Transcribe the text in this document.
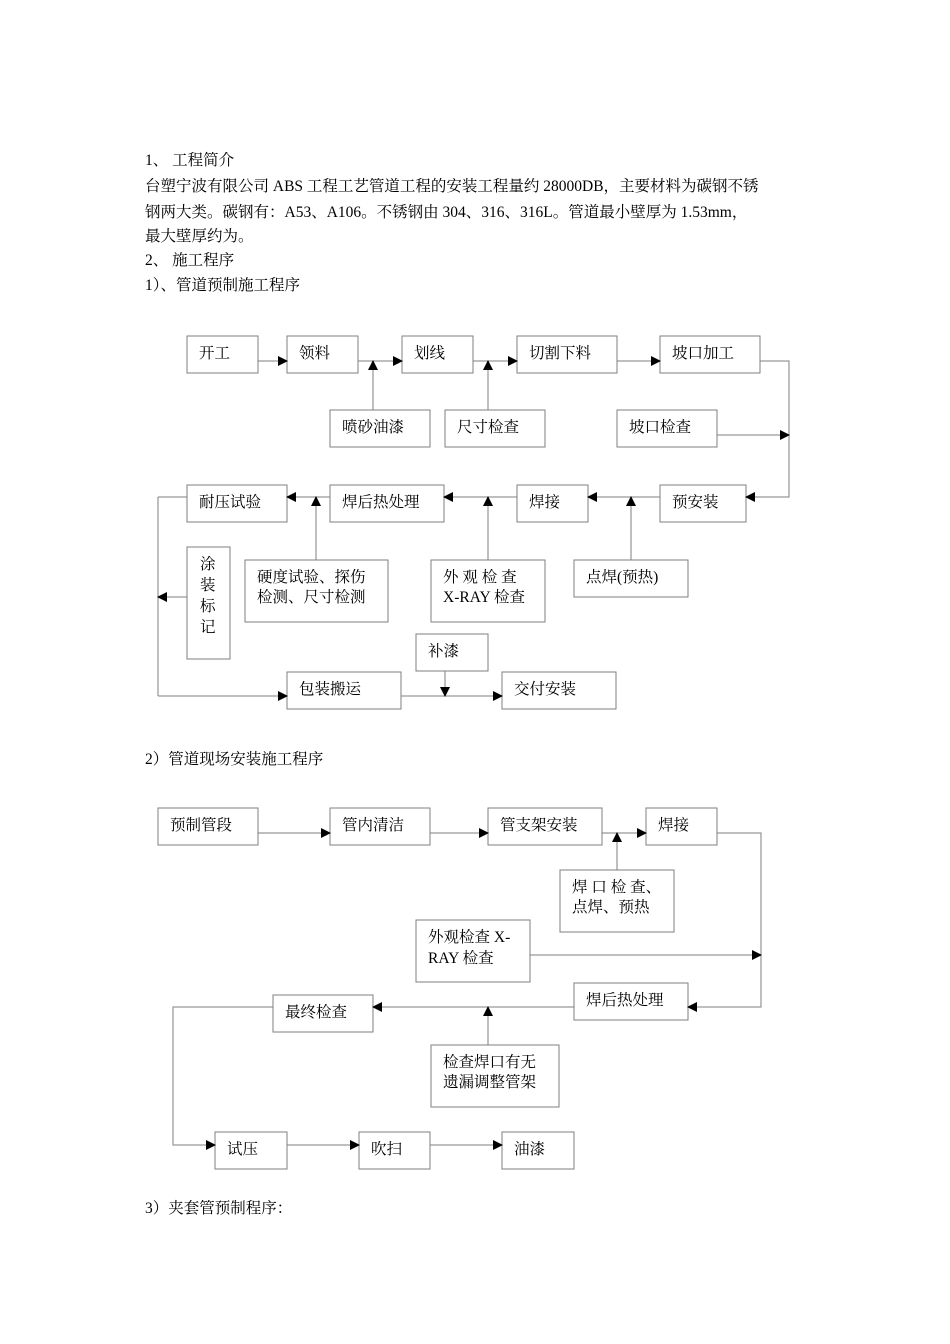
1、 工程简介
台塑宁波有限公司 ABS 工程工艺管道工程的安装工程量约 28000DB，主要材料为碳钢不锈
钢两大类。碳钢有：A53、A106。不锈钢由 304、316、316L。管道最小壁厚为 1.53mm，
最大壁厚约为。
2、 施工程序
1）、管道预制施工程序
开工	领料	划线	切割下料	坡口加工
喷砂油漆	尺寸检查	坡口检查
耐压试验	焊后热处理	焊接	预安装
涂
装
标
记
硬度试验、探伤
检测、尺寸检测
外 观 检 查
X-RAY 检查
点焊(预热)
补漆
包装搬运	交付安装
2）管道现场安装施工程序
预制管段	管内清洁	管支架安装	焊接
焊 口 检 查、
点焊、预热
外观检查 X-
RAY 检查
焊后热处理
最终检查
检查焊口有无
遗漏调整管架
试压	吹扫	油漆
3）夹套管预制程序：
